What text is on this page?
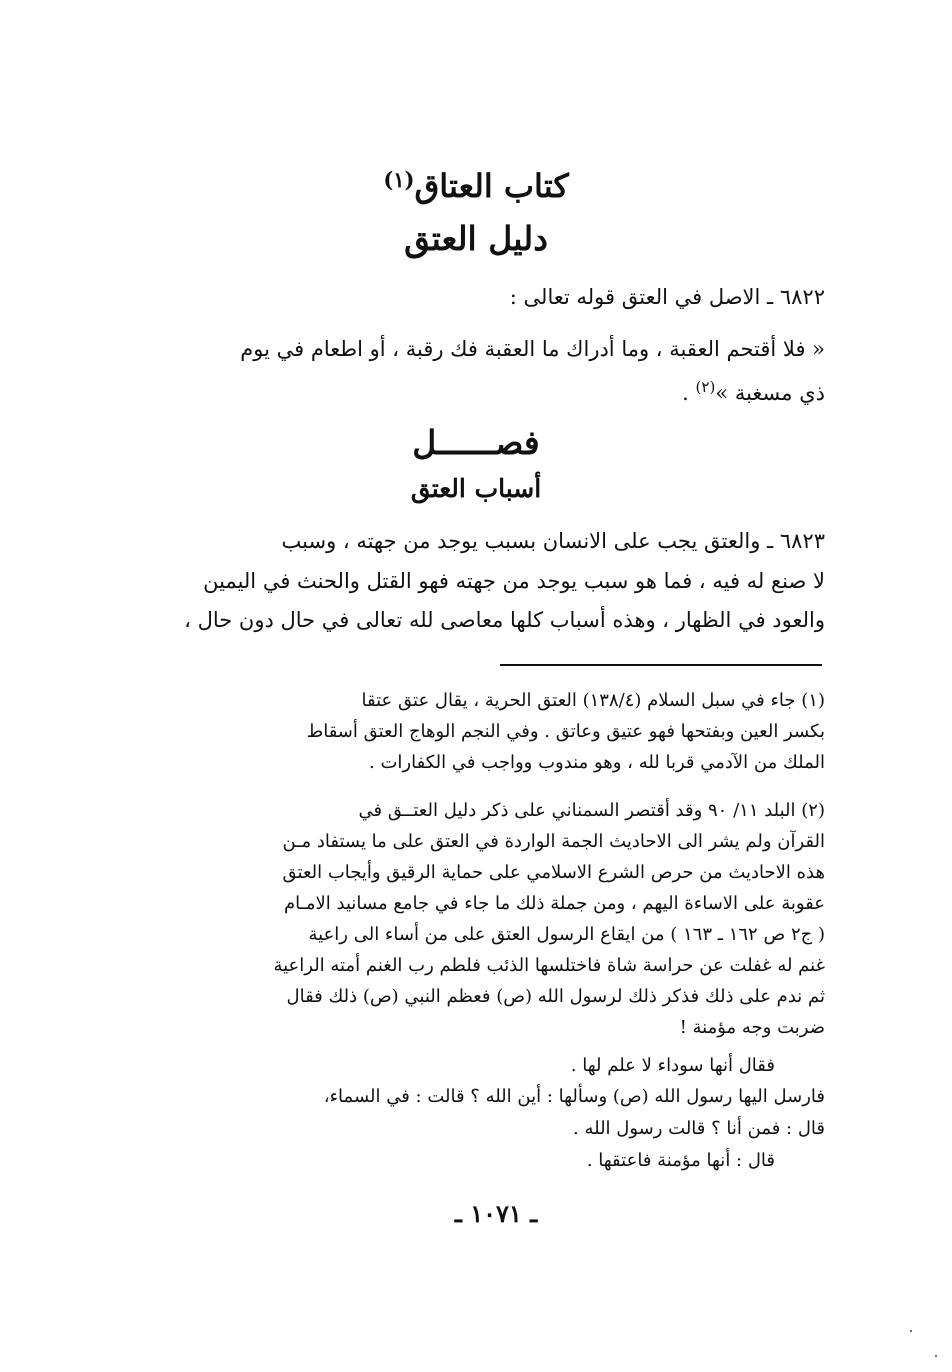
كتاب العتاق$^{(١)}$
دليل العتق
٦٨٢٢ ـ الاصل في العتق قوله تعالى :
« فلا أقتحم العقبة ، وما أدراك ما العقبة فك رقبة ، أو اطعام في يوم
ذي مسغبة »$^{(٢)}$ .
فصــــــل
أسباب العتق
٦٨٢٣ ـ والعتق يجب على الانسان بسبب يوجد من جهته ، وسبب
لا صنع له فيه ، فما هو سبب يوجد من جهته فهو القتل والحنث في اليمين
والعود في الظهار ، وهذه أسباب كلها معاصى لله تعالى في حال دون حال ،
(١) جاء في سبل السلام (١٣٨/٤) العتق الحرية ، يقال عتق عتقا
بكسر العين وبفتحها فهو عتيق وعاتق . وفي النجم الوهاج العتق أسقاط
الملك من الآدمي قربا لله ، وهو مندوب وواجب في الكفارات .
(٢) البلد ١١/ ٩٠ وقد أقتصر السمناني على ذكر دليل العتــق في
القرآن ولم يشر الى الاحاديث الجمة الواردة في العتق على ما يستفاد مـن
هذه الاحاديث من حرص الشرع الاسلامي على حماية الرقيق وأيجاب العتق
عقوبة على الاساءة اليهم ، ومن جملة ذلك ما جاء في جامع مسانيد الامـام
( ج٢ ص ١٦٢ ـ ١٦٣ ) من ايقاع الرسول العتق على من أساء الى راعية
غنم له غفلت عن حراسة شاة فاختلسها الذئب فلطم رب الغنم أمته الراعية
ثم ندم على ذلك فذكر ذلك لرسول الله (ص) فعظم النبي (ص) ذلك فقال
ضربت وجه مؤمنة !
فقال أنها سوداء لا علم لها .
فارسل اليها رسول الله (ص) وسألها : أين الله ؟ قالت : في السماء،
قال : فمن أنا ؟ قالت رسول الله .
قال : أنها مؤمنة فاعتقها .
ـ ١٠٧١ ـ
